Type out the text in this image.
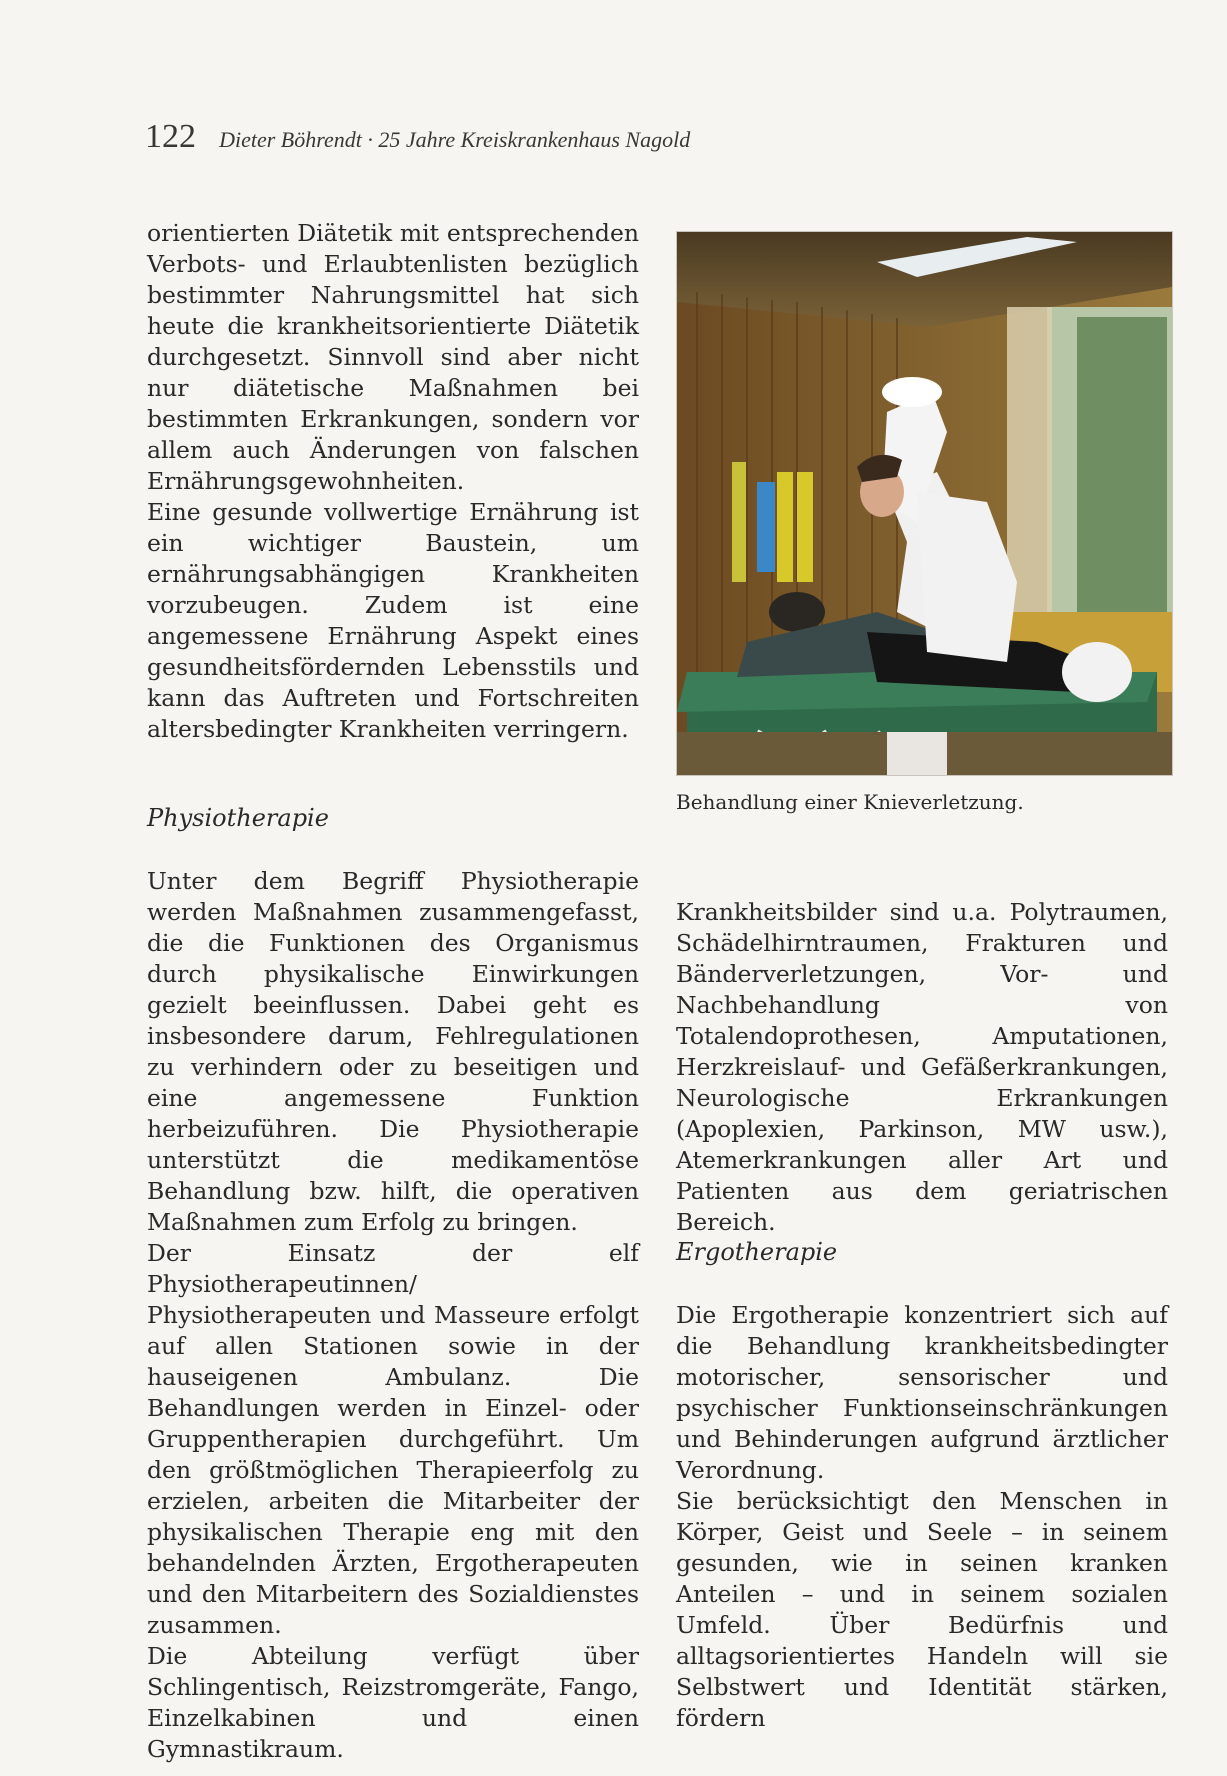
122 Dieter Böhrendt · 25 Jahre Kreiskrankenhaus Nagold

orientierten Diätetik mit entsprechenden Verbots- und Erlaubtenlisten bezüglich bestimmter Nahrungsmittel hat sich heute die krankheitsorientierte Diätetik durchgesetzt. Sinnvoll sind aber nicht nur diätetische Maßnahmen bei bestimmten Erkrankungen, sondern vor allem auch Änderungen von falschen Ernährungsgewohnheiten.

Eine gesunde vollwertige Ernährung ist ein wichtiger Baustein, um ernährungsabhängigen Krankheiten vorzubeugen. Zudem ist eine angemessene Ernährung Aspekt eines gesundheitsfördernden Lebensstils und kann das Auftreten und Fortschreiten altersbedingter Krankheiten verringern.

Physiotherapie

Unter dem Begriff Physiotherapie werden Maßnahmen zusammengefasst, die die Funktionen des Organismus durch physikalische Einwirkungen gezielt beeinflussen. Dabei geht es insbesondere darum, Fehlregulationen zu verhindern oder zu beseitigen und eine angemessene Funktion herbeizuführen. Die Physiotherapie unterstützt die medikamentöse Behandlung bzw. hilft, die operativen Maßnahmen zum Erfolg zu bringen.

Der Einsatz der elf Physiotherapeutinnen/ Physiotherapeuten und Masseure erfolgt auf allen Stationen sowie in der hauseigenen Ambulanz. Die Behandlungen werden in Einzel- oder Gruppentherapien durchgeführt. Um den größtmöglichen Therapieerfolg zu erzielen, arbeiten die Mitarbeiter der physikalischen Therapie eng mit den behandelnden Ärzten, Ergotherapeuten und den Mitarbeitern des Sozialdienstes zusammen.

Die Abteilung verfügt über Schlingentisch, Reizstromgeräte, Fango, Einzelkabinen und einen Gymnastikraum.

Behandlung einer Knieverletzung.

Krankheitsbilder sind u.a. Polytraumen, Schädelhirntraumen, Frakturen und Bänderverletzungen, Vor- und Nachbehandlung von Totalendoprothesen, Amputationen, Herzkreislauf- und Gefäßerkrankungen, Neurologische Erkrankungen (Apoplexien, Parkinson, MW usw.), Atemerkrankungen aller Art und Patienten aus dem geriatrischen Bereich.

Ergotherapie

Die Ergotherapie konzentriert sich auf die Behandlung krankheitsbedingter motorischer, sensorischer und psychischer Funktionseinschränkungen und Behinderungen aufgrund ärztlicher Verordnung.

Sie berücksichtigt den Menschen in Körper, Geist und Seele – in seinem gesunden, wie in seinen kranken Anteilen – und in seinem sozialen Umfeld. Über Bedürfnis und alltagsorientiertes Handeln will sie Selbstwert und Identität stärken, fördern
